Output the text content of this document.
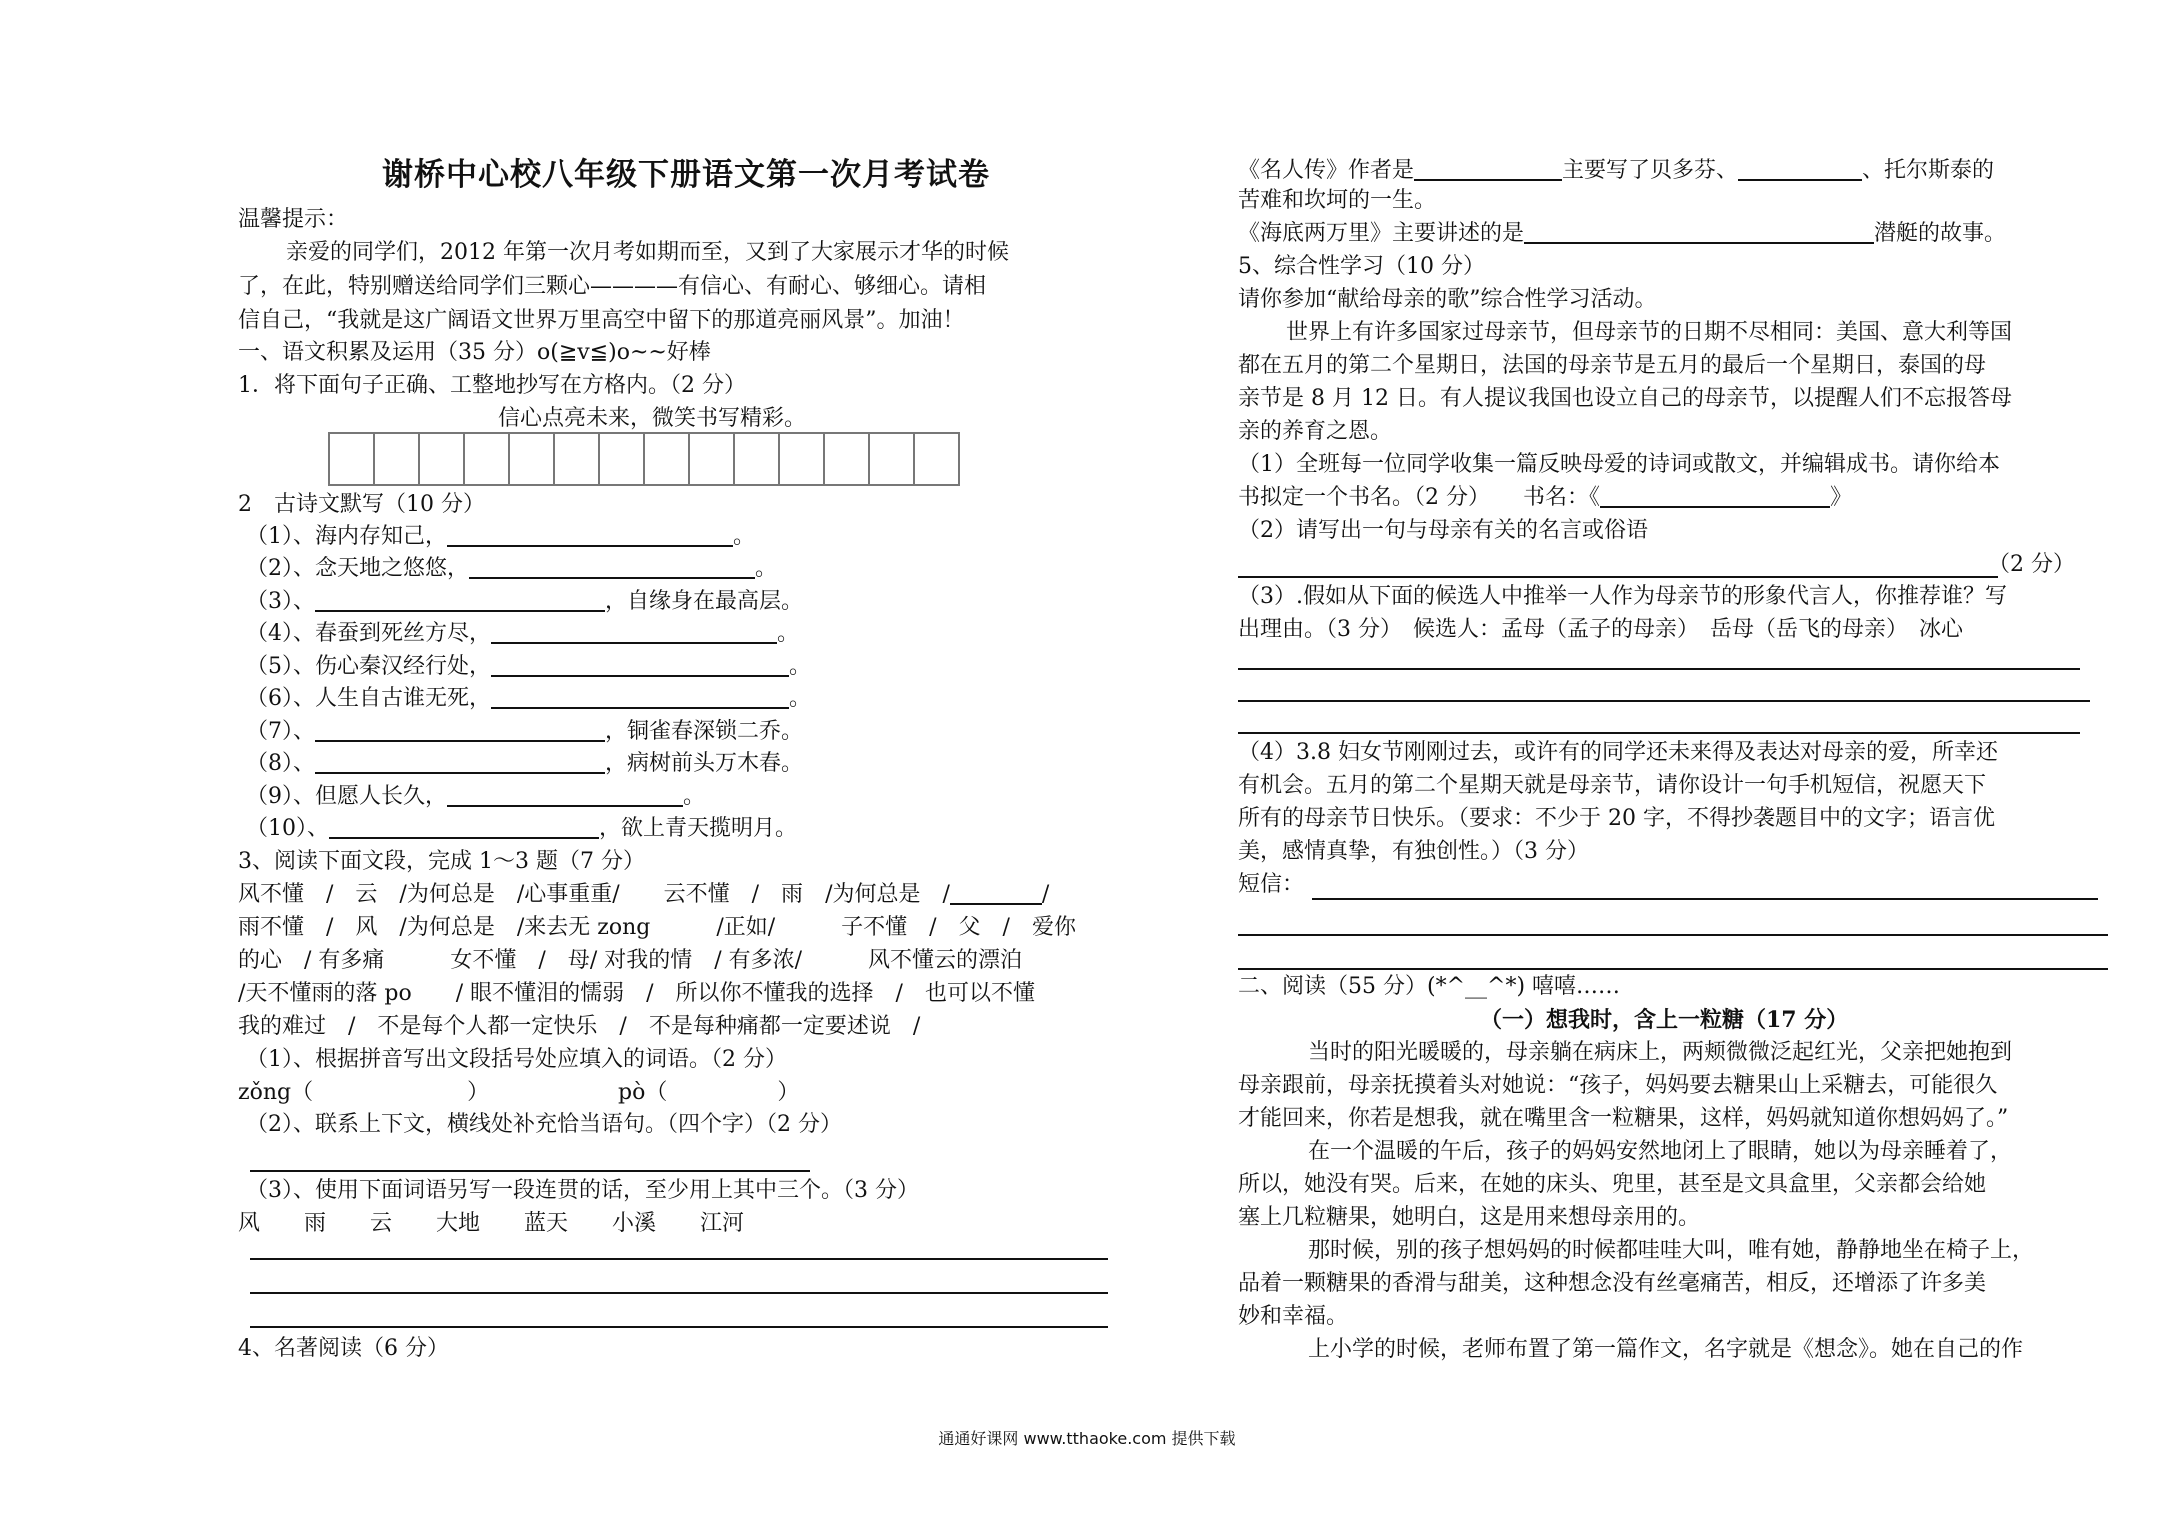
谢桥中心校八年级下册语文第一次月考试卷
温馨提示：
亲爱的同学们，2012 年第一次月考如期而至，又到了大家展示才华的时候
了，在此，特别赠送给同学们三颗心————有信心、有耐心、够细心。请相
信自己，“我就是这广阔语文世界万里高空中留下的那道亮丽风景”。加油！
一、语文积累及运用（35 分）o(≧v≦)o~~好棒
1．将下面句子正确、工整地抄写在方格内。（2 分）
信心点亮未来，微笑书写精彩。
2　古诗文默写（10 分）
（1）、海内存知己，	。
（2）、念天地之悠悠，	。
（3）、	，自缘身在最高层。
（4）、春蚕到死丝方尽，	。
（5）、伤心秦汉经行处，	。
（6）、人生自古谁无死，	。
（7）、	，铜雀春深锁二乔。
（8）、	，病树前头万木春。
（9）、但愿人长久，	。
（10）、	，欲上青天揽明月。
3、阅读下面文段，完成 1～3 题（7 分）
风不懂　/　云　/为何总是　/心事重重/　　云不懂　/　雨　/为何总是　/	/
雨不懂　/　风　/为何总是　/来去无 zong　　　/正如/　　　子不懂　/　父　/　爱你
的心　/ 有多痛　　　女不懂　/　母/ 对我的情　/ 有多浓/　　　风不懂云的漂泊
/天不懂雨的落 po　　/ 眼不懂泪的懦弱　/　所以你不懂我的选择　/　也可以不懂
我的难过　/　不是每个人都一定快乐　/　不是每种痛都一定要述说　/
（1）、根据拼音写出文段括号处应填入的词语。（2 分）
zǒng（　　　　　　　）	pò（　　　　　）
（2）、联系上下文，横线处补充恰当语句。（四个字）（2 分）
（3）、使用下面词语另写一段连贯的话，至少用上其中三个。（3 分）
风　　雨　　云　　大地　　蓝天　　小溪　　江河
4、名著阅读（6 分）
《名人传》作者是	主要写了贝多芬、	、托尔斯泰的
苦难和坎坷的一生。
《海底两万里》主要讲述的是	潜艇的故事。
5、综合性学习（10 分）
请你参加“献给母亲的歌”综合性学习活动。
世界上有许多国家过母亲节，但母亲节的日期不尽相同：美国、意大利等国
都在五月的第二个星期日，法国的母亲节是五月的最后一个星期日，泰国的母
亲节是 8 月 12 日。有人提议我国也设立自己的母亲节，以提醒人们不忘报答母
亲的养育之恩。
（1）全班每一位同学收集一篇反映母爱的诗词或散文，并编辑成书。请你给本
书拟定一个书名。（2 分）　　书名：《	》
（2）请写出一句与母亲有关的名言或俗语
（2 分）
（3）.假如从下面的候选人中推举一人作为母亲节的形象代言人，你推荐谁？写
出理由。（3 分）　候选人：孟母（孟子的母亲）　岳母（岳飞的母亲）　冰心
（4）3.8 妇女节刚刚过去，或许有的同学还未来得及表达对母亲的爱，所幸还
有机会。五月的第二个星期天就是母亲节，请你设计一句手机短信，祝愿天下
所有的母亲节日快乐。（要求：不少于 20 字，不得抄袭题目中的文字；语言优
美，感情真挚，有独创性。）（3 分）
短信：
二、阅读（55 分）(*^__^*) 嘻嘻……
（一）想我时，含上一粒糖（17 分）
　当时的阳光暖暖的，母亲躺在病床上，两颊微微泛起红光，父亲把她抱到
母亲跟前，母亲抚摸着头对她说：“孩子，妈妈要去糖果山上采糖去，可能很久
才能回来，你若是想我，就在嘴里含一粒糖果，这样，妈妈就知道你想妈妈了。”
　在一个温暖的午后，孩子的妈妈安然地闭上了眼睛，她以为母亲睡着了，
所以，她没有哭。后来，在她的床头、兜里，甚至是文具盒里，父亲都会给她
塞上几粒糖果，她明白，这是用来想母亲用的。
　那时候，别的孩子想妈妈的时候都哇哇大叫，唯有她，静静地坐在椅子上，
品着一颗糖果的香滑与甜美，这种想念没有丝毫痛苦，相反，还增添了许多美
妙和幸福。
　上小学的时候，老师布置了第一篇作文，名字就是《想念》。她在自己的作
通通好课网 www.tthaoke.com 提供下载
